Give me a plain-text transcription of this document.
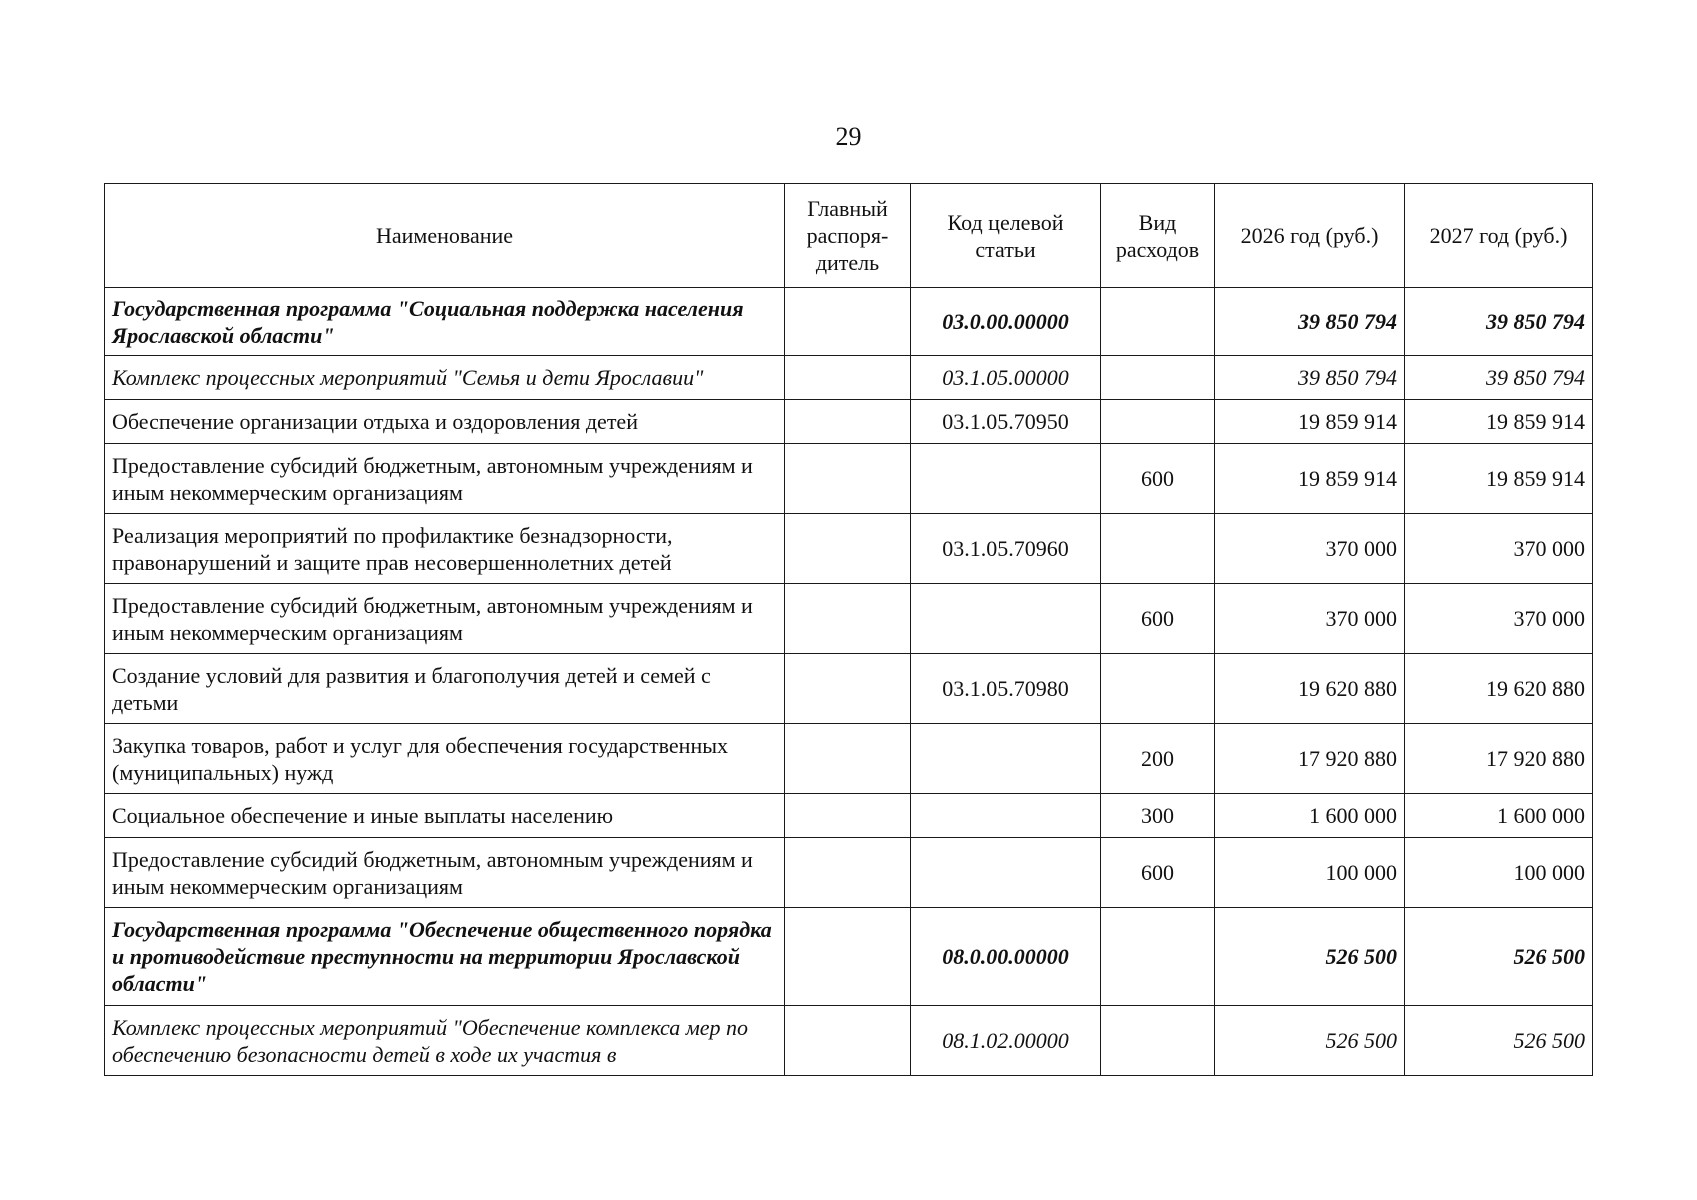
29
Наименование	Главный распоря-дитель	Код целевой статьи	Вид расходов	2026 год (руб.)	2027 год (руб.)
Государственная программа "Социальная поддержка населения Ярославской области"		03.0.00.00000		39 850 794	39 850 794
Комплекс процессных мероприятий "Семья и дети Ярославии"		03.1.05.00000		39 850 794	39 850 794
Обеспечение организации отдыха и оздоровления детей		03.1.05.70950		19 859 914	19 859 914
Предоставление субсидий бюджетным, автономным учреждениям и иным некоммерческим организациям			600	19 859 914	19 859 914
Реализация мероприятий по профилактике безнадзорности, правонарушений и защите прав несовершеннолетних детей		03.1.05.70960		370 000	370 000
Предоставление субсидий бюджетным, автономным учреждениям и иным некоммерческим организациям			600	370 000	370 000
Создание условий для развития и благополучия детей и семей с детьми		03.1.05.70980		19 620 880	19 620 880
Закупка товаров, работ и услуг для обеспечения государственных (муниципальных) нужд			200	17 920 880	17 920 880
Социальное обеспечение и иные выплаты населению			300	1 600 000	1 600 000
Предоставление субсидий бюджетным, автономным учреждениям и иным некоммерческим организациям			600	100 000	100 000
Государственная программа "Обеспечение общественного порядка и противодействие преступности на территории Ярославской области"		08.0.00.00000		526 500	526 500
Комплекс процессных мероприятий "Обеспечение комплекса мер по обеспечению безопасности детей в ходе их участия в		08.1.02.00000		526 500	526 500
